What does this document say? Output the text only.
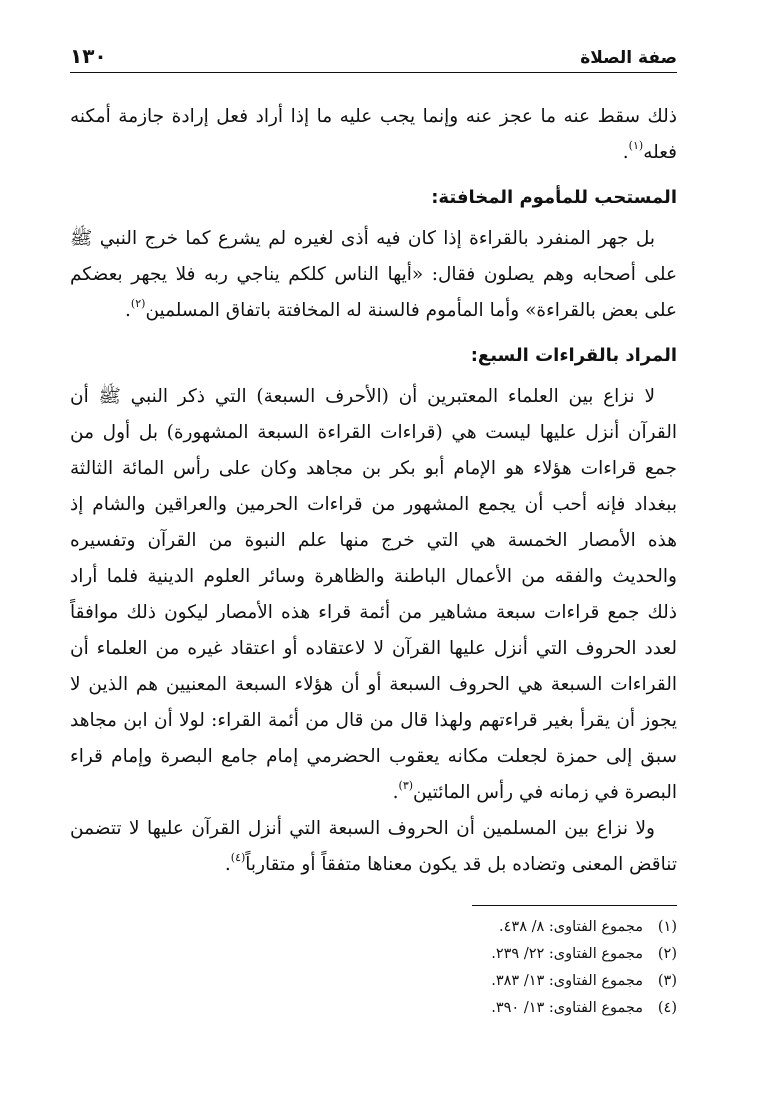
صفة الصلاة
١٣٠

ذلك سقط عنه ما عجز عنه وإنما يجب عليه ما إذا أراد فعل إرادة جازمة أمكنه فعله$^{(١)}$.

المستحب للمأموم المخافتة:

بل جهر المنفرد بالقراءة إذا كان فيه أذى لغيره لم يشرع كما خرج النبي ﷺ على أصحابه وهم يصلون فقال: «أيها الناس كلكم يناجي ربه فلا يجهر بعضكم على بعض بالقراءة» وأما المأموم فالسنة له المخافتة باتفاق المسلمين$^{(٢)}$.

المراد بالقراءات السبع:

لا نزاع بين العلماء المعتبرين أن (الأحرف السبعة) التي ذكر النبي ﷺ أن القرآن أنزل عليها ليست هي (قراءات القراءة السبعة المشهورة) بل أول من جمع قراءات هؤلاء هو الإمام أبو بكر بن مجاهد وكان على رأس المائة الثالثة ببغداد فإنه أحب أن يجمع المشهور من قراءات الحرمين والعراقين والشام إذ هذه الأمصار الخمسة هي التي خرج منها علم النبوة من القرآن وتفسيره والحديث والفقه من الأعمال الباطنة والظاهرة وسائر العلوم الدينية فلما أراد ذلك جمع قراءات سبعة مشاهير من أئمة قراء هذه الأمصار ليكون ذلك موافقاً لعدد الحروف التي أنزل عليها القرآن لا لاعتقاده أو اعتقاد غيره من العلماء أن القراءات السبعة هي الحروف السبعة أو أن هؤلاء السبعة المعنيين هم الذين لا يجوز أن يقرأ بغير قراءتهم ولهذا قال من قال من أئمة القراء: لولا أن ابن مجاهد سبق إلى حمزة لجعلت مكانه يعقوب الحضرمي إمام جامع البصرة وإمام قراء البصرة في زمانه في رأس المائتين$^{(٣)}$.

ولا نزاع بين المسلمين أن الحروف السبعة التي أنزل القرآن عليها لا تتضمن تناقض المعنى وتضاده بل قد يكون معناها متفقاً أو متقارباً$^{(٤)}$.

(١)
مجموع الفتاوى: ٨/ ٤٣٨.
(٢)
مجموع الفتاوى: ٢٢/ ٢٣٩.
(٣)
مجموع الفتاوى: ١٣/ ٣٨٣.
(٤)
مجموع الفتاوى: ١٣/ ٣٩٠.
